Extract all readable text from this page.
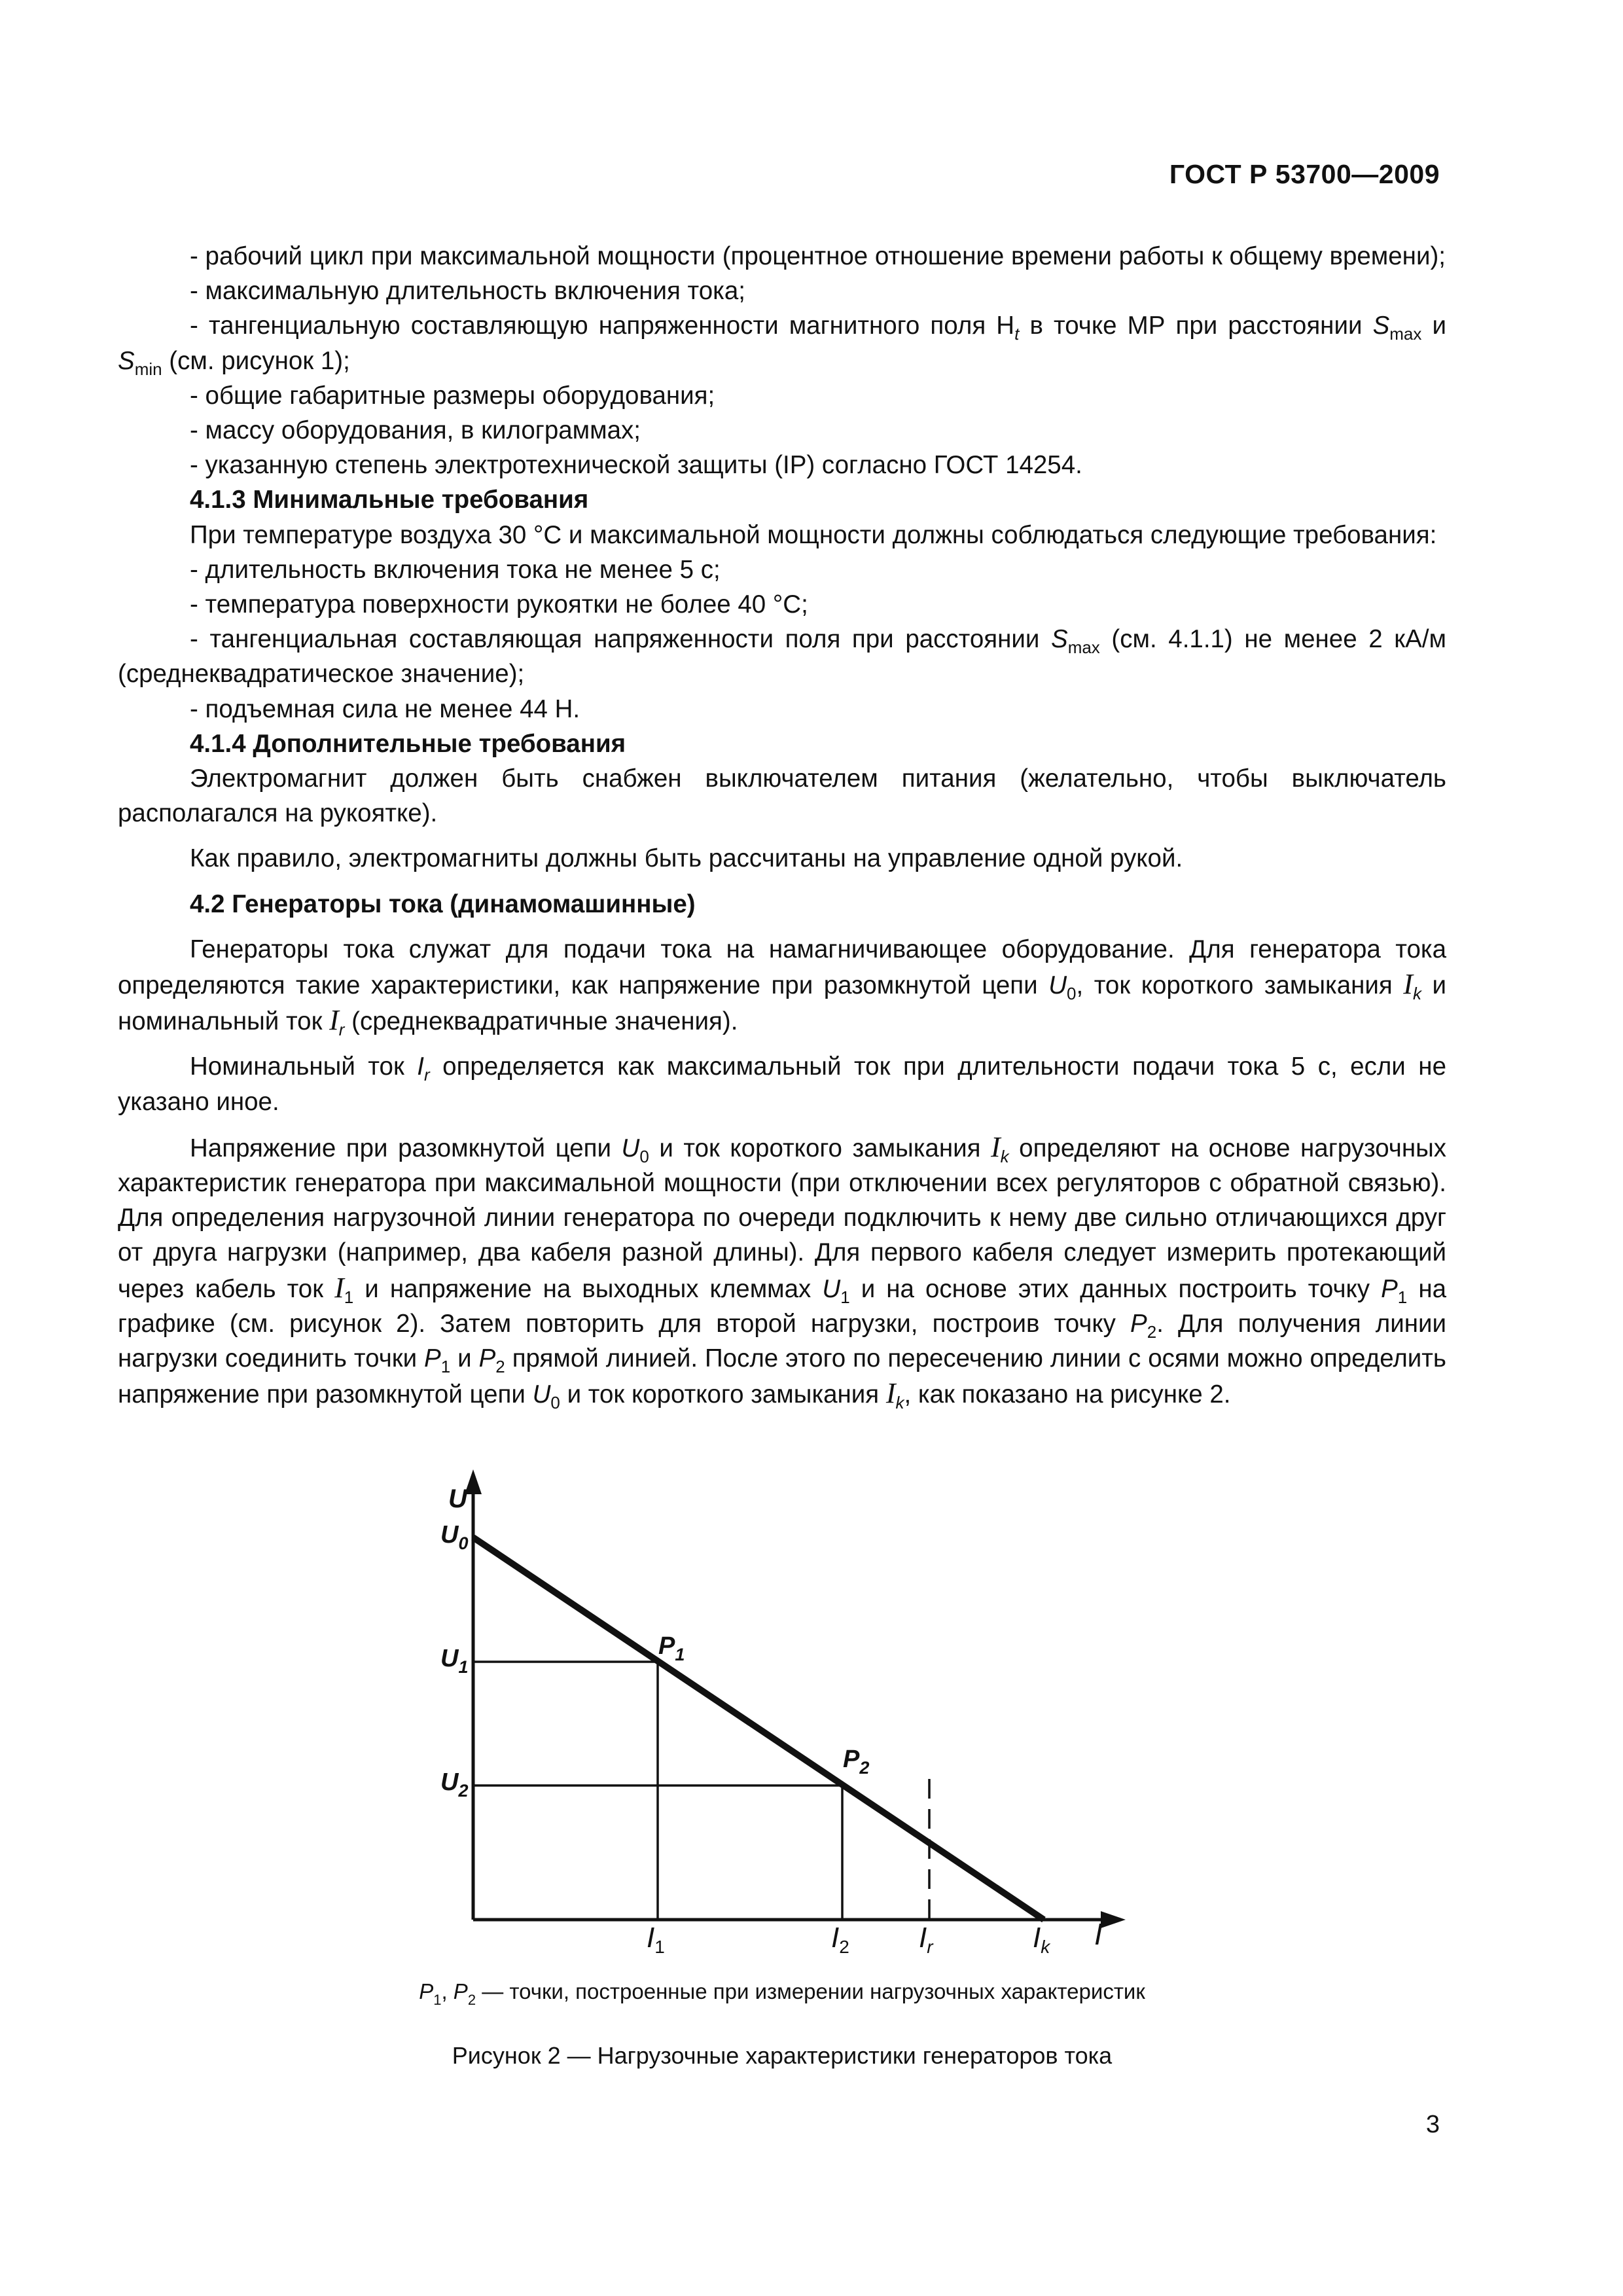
ГОСТ Р 53700—2009

- рабочий цикл при максимальной мощности (процентное отношение времени работы к общему времени);

- максимальную длительность включения тока;

- тангенциальную составляющую напряженности магнитного поля $H_t$ в точке МР при расстоянии $S_{max}$ и $S_{min}$ (см. рисунок 1);

- общие габаритные размеры оборудования;

- массу оборудования, в килограммах;

- указанную степень электротехнической защиты (IP) согласно ГОСТ 14254.

4.1.3 Минимальные требования

При температуре воздуха 30 °С и максимальной мощности должны соблюдаться следующие требования:

- длительность включения тока не менее 5 с;

- температура поверхности рукоятки не более 40 °С;

- тангенциальная составляющая напряженности поля при расстоянии $S_{max}$ (см. 4.1.1) не менее 2 кА/м (среднеквадратическое значение);

- подъемная сила не менее 44 Н.

4.1.4 Дополнительные требования

Электромагнит должен быть снабжен выключателем питания (желательно, чтобы выключатель располагался на рукоятке).

Как правило, электромагниты должны быть рассчитаны на управление одной рукой.

4.2 Генераторы тока (динамомашинные)

Генераторы тока служат для подачи тока на намагничивающее оборудование. Для генератора тока определяются такие характеристики, как напряжение при разомкнутой цепи $U_0$, ток короткого замыкания $I_k$ и номинальный ток $I_r$ (среднеквадратичные значения).

Номинальный ток $I_r$ определяется как максимальный ток при длительности подачи тока 5 с, если не указано иное.

Напряжение при разомкнутой цепи $U_0$ и ток короткого замыкания $I_k$ определяют на основе нагрузочных характеристик генератора при максимальной мощности (при отключении всех регуляторов с обратной связью). Для определения нагрузочной линии генератора по очереди подключить к нему две сильно отличающихся друг от друга нагрузки (например, два кабеля разной длины). Для первого кабеля следует измерить протекающий через кабель ток $I_1$ и напряжение на выходных клеммах $U_1$ и на основе этих данных построить точку $P_1$ на графике (см. рисунок 2). Затем повторить для второй нагрузки, построив точку $P_2$. Для получения линии нагрузки соединить точки $P_1$ и $P_2$ прямой линией. После этого по пересечению линии с осями можно определить напряжение при разомкнутой цепи $U_0$ и ток короткого замыкания $I_k$, как показано на рисунке 2.

U
I
$U_0$
$U_1$
$U_2$
$I_1$	$I_2$ $I_r$	$I_k$
$P_1$
$P_2$
$P_1$, $P_2$ — точки, построенные при измерении нагрузочных характеристик
Рисунок 2 — Нагрузочные характеристики генераторов тока
3
